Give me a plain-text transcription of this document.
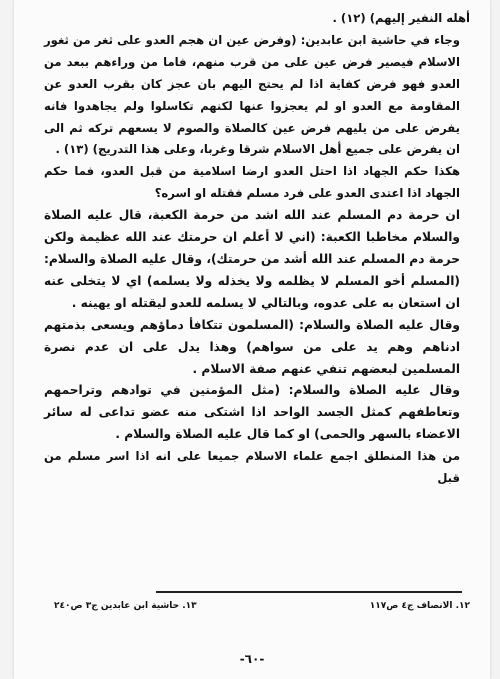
أهله النفير إليهم) (١٢) .

وجاء في حاشية ابن عابدين: (وفرض عين ان هجم العدو على ثغر من ثغور الاسلام فيصير فرض عين على من قرب منهم، فاما من وراءهم ببعد من العدو فهو فرض كفاية اذا لم يحتج اليهم بان عجز كان بقرب العدو عن المقاومة مع العدو او لم يعجزوا عنها لكنهم تكاسلوا ولم يجاهدوا فانه يفرض على من يليهم فرض عين كالصلاة والصوم لا يسعهم تركه ثم الى ان يفرض على جميع أهل الاسلام شرقا وغربا، وعلى هذا التدريج) (١٣) .

هكذا حكم الجهاد اذا احتل العدو ارضا اسلامية من قبل العدو، فما حكم الجهاد اذا اعتدى العدو على فرد مسلم فقتله او اسره؟

ان حرمة دم المسلم عند الله اشد من حرمة الكعبة، قال عليه الصلاة والسلام مخاطبا الكعبة: (اني لا أعلم ان حرمتك عند الله عظيمة ولكن حرمة دم المسلم عند الله أشد من حرمتك)، وقال عليه الصلاة والسلام: (المسلم أخو المسلم لا يظلمه ولا يخذله ولا يسلمه) اي لا يتخلى عنه ان استعان به على عدوه، وبالتالي لا يسلمه للعدو ليقتله او يهينه .

وقال عليه الصلاة والسلام: (المسلمون تتكافأ دماؤهم ويسعى بذمتهم ادناهم وهم يد على من سواهم) وهذا يدل على ان عدم نصرة المسلمين لبعضهم تنفي عنهم صفة الاسلام .

وقال عليه الصلاة والسلام: (مثل المؤمنين في توادهم وتراحمهم وتعاطفهم كمثل الجسد الواحد اذا اشتكى منه عضو تداعى له سائر الاعضاء بالسهر والحمى) او كما قال عليه الصلاة والسلام .

من هذا المنطلق اجمع علماء الاسلام جميعا على انه اذا اسر مسلم من قبل

١٢. الانصاف ج٤ ص١١٧
١٣. حاشية ابن عابدين ج٣ ص٢٤٠
-٦٠-
